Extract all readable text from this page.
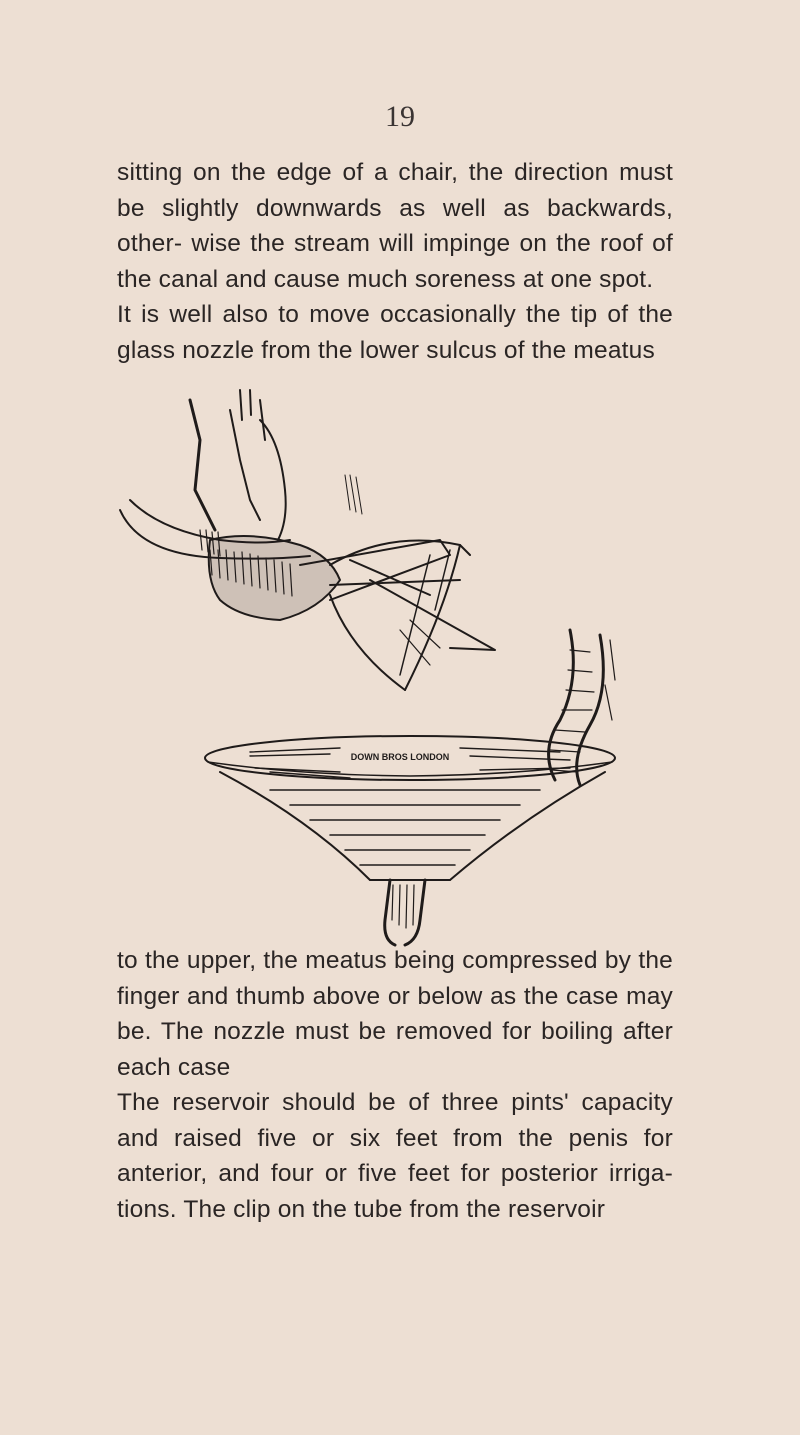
19

sitting on the edge of a chair, the direction must be slightly downwards as well as backwards, other- wise the stream will impinge on the roof of the canal and cause much soreness at one spot.

It is well also to move occasionally the tip of the glass nozzle from the lower sulcus of the meatus

DOWN BROS LONDON

to the upper, the meatus being compressed by the finger and thumb above or below as the case may be. The nozzle must be removed for boiling after each case

The reservoir should be of three pints' capacity and raised five or six feet from the penis for anterior, and four or five feet for posterior irriga- tions. The clip on the tube from the reservoir
